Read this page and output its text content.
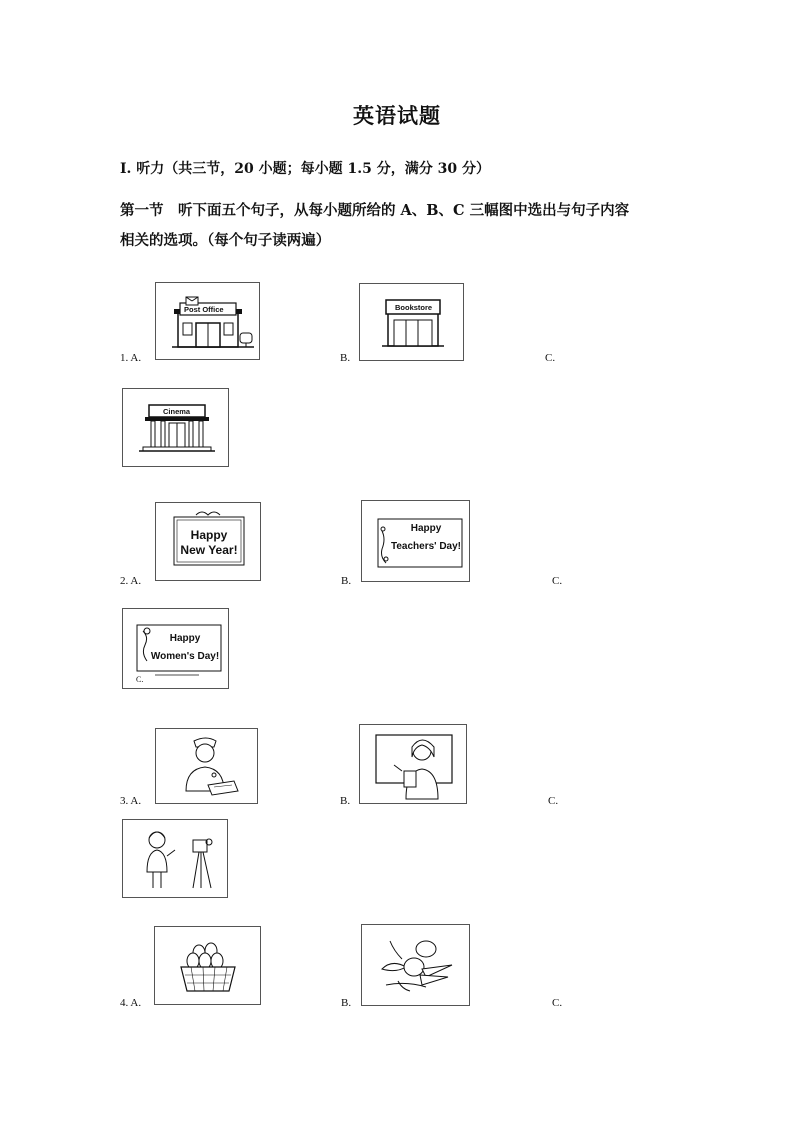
英语试题
Ⅰ. 听力（共三节，20 小题；每小题 1.5 分，满分 30 分）
第一节　听下面五个句子，从每小题所给的 A、B、C 三幅图中选出与句子内容
相关的选项。（每个句子读两遍）
1. A.
Post Office
B.
Bookstore
C.
Cinema
2. A.
Happy
New Year!
B.
Happy
Teachers' Day!
C.
Happy
Women's Day!
C.
3. A.	B.	C.
4. A.	B.	C.
